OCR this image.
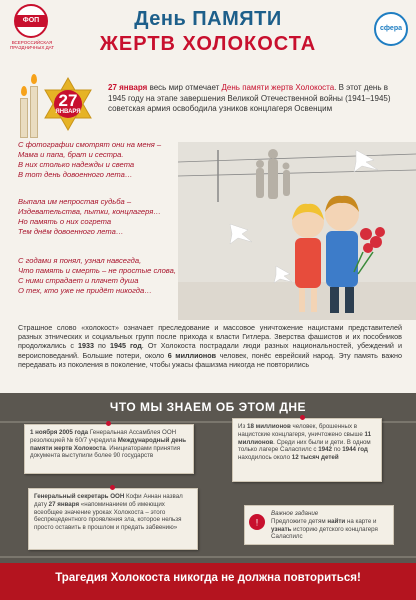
ФОП
ВСЕРОССИЙСКАЯ ПРАЗДНИЧНЫХ ДАТ
сфера
День ПАМЯТИ
ЖЕРТВ ХОЛОКОСТА
27
ЯНВАРЯ
27 января весь мир отмечает День памяти жертв Холокоста. В этот день в 1945 году на этапе завершения Великой Отечественной войны (1941–1945) советская армия освободила узников концлагеря Освенцим
С фотографии смотрят они на меня –
Мама и папа, брат и сестра.
В них столько надежды и света
В тот день довоенного лета…
Выпала им непростая судьба –
Издевательства, пытки, концлагеря…
Но память о них согрета
Тем днём довоенного лета…
С годами я понял, узнал навсегда,
Что память и смерть – не простые слова,
С ними страдает и плачет душа
О тех, кто уже не придёт никогда…
Страшное слово «холокост» означает преследование и массовое уничтожение нацистами представителей разных этнических и социальных групп после прихода к власти Гитлера. Зверства фашистов и их пособников продолжались с 1933 по 1945 год. От Холокоста пострадали люди разных национальностей, убеждений и вероисповеданий. Большие потери, около 6 миллионов человек, понёс еврейский народ. Эту память важно передавать из поколения в поколение, чтобы ужасы фашизма никогда не повторились
ЧТО МЫ ЗНАЕМ ОБ ЭТОМ ДНЕ
1 ноября 2005 года Генеральная Ассамблея ООН резолюцией № 60/7 учредила Международный день памяти жертв Холокоста. Инициаторами принятия документа выступили более 90 государств
Из 18 миллионов человек, брошенных в нацистские концлагеря, уничтожено свыше 11 миллионов. Среди них были и дети. В одном только лагере Саласпилс с 1942 по 1944 год находилось около 12 тысяч детей
Генеральный секретарь ООН Кофи Аннан назвал дату 27 января «напоминанием об имеющих всеобщее значение уроках Холокоста – этого беспрецедентного проявления зла, которое нельзя просто оставить в прошлом и предать забвению»
Важное задание
Предложите детям найти на карте и узнать историю детского концлагеря Саласпилс
!
Трагедия Холокоста никогда не должна повториться!
